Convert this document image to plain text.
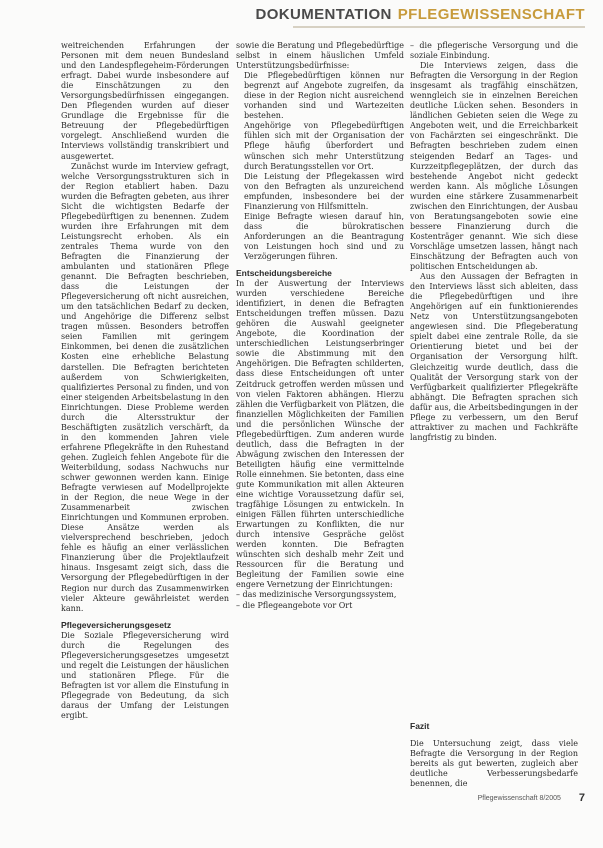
DOKUMENTATION PFLEGEWISSENSCHAFT

weitreichenden Erfahrungen der Personen mit dem neuen Bundesland und den Landespflegeheim-Förderungen erfragt. Dabei wurde insbesondere auf die Einschätzungen zu den Versorgungsbedürfnissen eingegangen. Den Pflegenden wurden auf dieser Grundlage die Ergebnisse für die Betreuung der Pflegebedürftigen vorgelegt. Anschließend wurden die Interviews vollständig transkribiert und ausgewertet.

Zunächst wurde im Interview gefragt, welche Versorgungsstrukturen sich in der Region etabliert haben. Dazu wurden die Befragten gebeten, aus ihrer Sicht die wichtigsten Bedarfe der Pflegebedürftigen zu benennen. Zudem wurden ihre Erfahrungen mit dem Leistungsrecht erhoben. Als ein zentrales Thema wurde von den Befragten die Finanzierung der ambulanten und stationären Pflege genannt. Die Befragten beschrieben, dass die Leistungen der Pflegeversicherung oft nicht ausreichen, um den tatsächlichen Bedarf zu decken, und Angehörige die Differenz selbst tragen müssen. Besonders betroffen seien Familien mit geringem Einkommen, bei denen die zusätzlichen Kosten eine erhebliche Belastung darstellen. Die Befragten berichteten außerdem von Schwierigkeiten, qualifiziertes Personal zu finden, und von einer steigenden Arbeitsbelastung in den Einrichtungen. Diese Probleme werden durch die Altersstruktur der Beschäftigten zusätzlich verschärft, da in den kommenden Jahren viele erfahrene Pflegekräfte in den Ruhestand gehen. Zugleich fehlen Angebote für die Weiterbildung, sodass Nachwuchs nur schwer gewonnen werden kann. Einige Befragte verwiesen auf Modellprojekte in der Region, die neue Wege in der Zusammenarbeit zwischen Einrichtungen und Kommunen erproben. Diese Ansätze werden als vielversprechend beschrieben, jedoch fehle es häufig an einer verlässlichen Finanzierung über die Projektlaufzeit hinaus. Insgesamt zeigt sich, dass die Versorgung der Pflegebedürftigen in der Region nur durch das Zusammenwirken vieler Akteure gewährleistet werden kann.

Pflegeversicherungsgesetz

Die Soziale Pflegeversicherung wird durch die Regelungen des Pflegeversicherungsgesetzes umgesetzt und regelt die Leistungen der häuslichen und stationären Pflege. Für die Befragten ist vor allem die Einstufung in Pflegegrade von Bedeutung, da sich daraus der Umfang der Leistungen ergibt.

sowie die Beratung und Pflegebedürftige selbst in einem häuslichen Umfeld Unterstützungsbedürfnisse:

• Die Pflegebedürftigen können nur begrenzt auf Angebote zugreifen, da diese in der Region nicht ausreichend vorhanden sind und Wartezeiten bestehen.
• Angehörige von Pflegebedürftigen fühlen sich mit der Organisation der Pflege häufig überfordert und wünschen sich mehr Unterstützung durch Beratungsstellen vor Ort.
• Die Leistung der Pflegekassen wird von den Befragten als unzureichend empfunden, insbesondere bei der Finanzierung von Hilfsmitteln.
• Einige Befragte wiesen darauf hin, dass die bürokratischen Anforderungen an die Beantragung von Leistungen hoch sind und zu Verzögerungen führen.
Entscheidungsbereiche

In der Auswertung der Interviews wurden verschiedene Bereiche identifiziert, in denen die Befragten Entscheidungen treffen müssen. Dazu gehören die Auswahl geeigneter Angebote, die Koordination der unterschiedlichen Leistungserbringer sowie die Abstimmung mit den Angehörigen. Die Befragten schilderten, dass diese Entscheidungen oft unter Zeitdruck getroffen werden müssen und von vielen Faktoren abhängen. Hierzu zählen die Verfügbarkeit von Plätzen, die finanziellen Möglichkeiten der Familien und die persönlichen Wünsche der Pflegebedürftigen. Zum anderen wurde deutlich, dass die Befragten in der Abwägung zwischen den Interessen der Beteiligten häufig eine vermittelnde Rolle einnehmen. Sie betonten, dass eine gute Kommunikation mit allen Akteuren eine wichtige Voraussetzung dafür sei, tragfähige Lösungen zu entwickeln. In einigen Fällen führten unterschiedliche Erwartungen zu Konflikten, die nur durch intensive Gespräche gelöst werden konnten. Die Befragten wünschten sich deshalb mehr Zeit und Ressourcen für die Beratung und Begleitung der Familien sowie eine engere Vernetzung der Einrichtungen:

– das medizinische Versorgungssystem,

– die Pflegeangebote vor Ort

– die pflegerische Versorgung und die soziale Einbindung.

Die Interviews zeigen, dass die Befragten die Versorgung in der Region insgesamt als tragfähig einschätzen, wenngleich sie in einzelnen Bereichen deutliche Lücken sehen. Besonders in ländlichen Gebieten seien die Wege zu Angeboten weit, und die Erreichbarkeit von Fachärzten sei eingeschränkt. Die Befragten beschrieben zudem einen steigenden Bedarf an Tages- und Kurzzeitpflegeplätzen, der durch das bestehende Angebot nicht gedeckt werden kann. Als mögliche Lösungen wurden eine stärkere Zusammenarbeit zwischen den Einrichtungen, der Ausbau von Beratungsangeboten sowie eine bessere Finanzierung durch die Kostenträger genannt. Wie sich diese Vorschläge umsetzen lassen, hängt nach Einschätzung der Befragten auch von politischen Entscheidungen ab.

Aus den Aussagen der Befragten in den Interviews lässt sich ableiten, dass die Pflegebedürftigen und ihre Angehörigen auf ein funktionierendes Netz von Unterstützungsangeboten angewiesen sind. Die Pflegeberatung spielt dabei eine zentrale Rolle, da sie Orientierung bietet und bei der Organisation der Versorgung hilft. Gleichzeitig wurde deutlich, dass die Qualität der Versorgung stark von der Verfügbarkeit qualifizierter Pflegekräfte abhängt. Die Befragten sprachen sich dafür aus, die Arbeitsbedingungen in der Pflege zu verbessern, um den Beruf attraktiver zu machen und Fachkräfte langfristig zu binden.

Fazit

Die Untersuchung zeigt, dass viele Befragte die Versorgung in der Region bereits als gut bewerten, zugleich aber deutliche Verbesserungsbedarfe benennen, die

Pflegewissenschaft 8/2005 7
